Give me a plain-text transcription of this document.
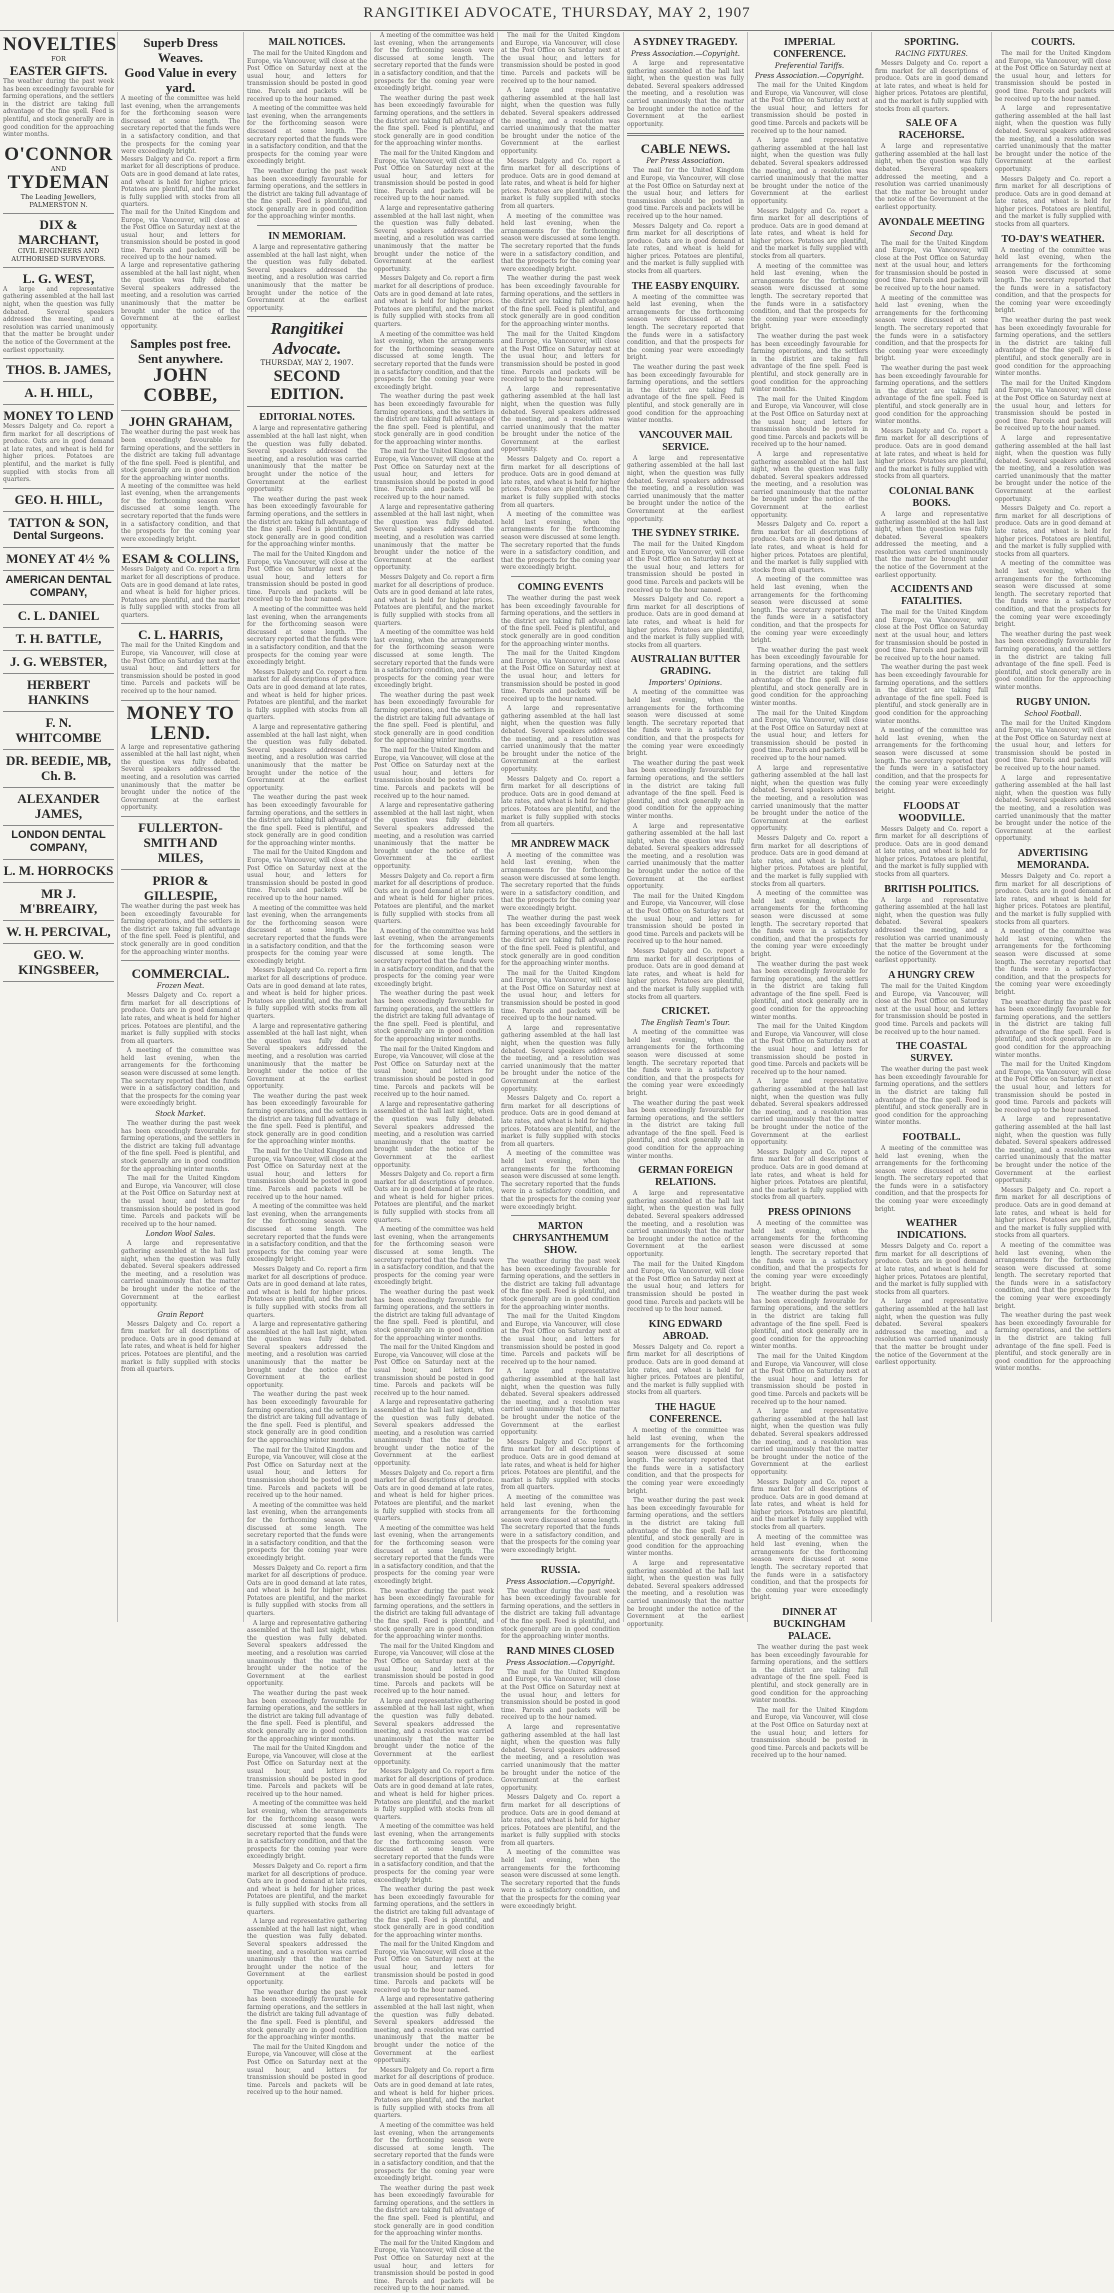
RANGITIKEI ADVOCATE, THURSDAY, MAY 2, 1907
NOVELTIES
FOR
EASTER GIFTS.
The weather during the past week has been exceedingly favourable for farming operations, and the settlers in the district are taking full advantage of the fine spell. Feed is plentiful, and stock generally are in good condition for the approaching winter months.
O'CONNOR
AND
TYDEMAN
The Leading Jewellers, PALMERSTON N.
DIX & MARCHANT,
CIVIL ENGINEERS AND AUTHORISED SURVEYORS.
L. G. WEST,
A large and representative gathering assembled at the hall last night, when the question was fully debated. Several speakers addressed the meeting, and a resolution was carried unanimously that the matter be brought under the notice of the Government at the earliest opportunity.
THOS. B. JAMES,
A. H. HILL,
MONEY TO LEND
Messrs Dalgety and Co. report a firm market for all descriptions of produce. Oats are in good demand at late rates, and wheat is held for higher prices. Potatoes are plentiful, and the market is fully supplied with stocks from all quarters.
GEO. H. HILL,
TATTON & SON,
Dental Surgeons.
MONEY AT 4½ %
AMERICAN DENTAL COMPANY,
C. L. DANIEL
T. H. BATTLE,
J. G. WEBSTER,
HERBERT HANKINS
F. N. WHITCOMBE
DR. BEEDIE, MB, Ch. B.
ALEXANDER JAMES,
LONDON DENTAL COMPANY,
L. M. HORROCKS
MR J. M'BREAIRY,
W. H. PERCIVAL,
GEO. W. KINGSBEER,
Superb Dress Weaves.
Good Value in every yard.
A meeting of the committee was held last evening, when the arrangements for the forthcoming season were discussed at some length. The secretary reported that the funds were in a satisfactory condition, and that the prospects for the coming year were exceedingly bright.
Messrs Dalgety and Co. report a firm market for all descriptions of produce. Oats are in good demand at late rates, and wheat is held for higher prices. Potatoes are plentiful, and the market is fully supplied with stocks from all quarters.
The mail for the United Kingdom and Europe, via Vancouver, will close at the Post Office on Saturday next at the usual hour, and letters for transmission should be posted in good time. Parcels and packets will be received up to the hour named.
A large and representative gathering assembled at the hall last night, when the question was fully debated. Several speakers addressed the meeting, and a resolution was carried unanimously that the matter be brought under the notice of the Government at the earliest opportunity.
Samples post free. Sent anywhere.
JOHN COBBE,
JOHN GRAHAM,
The weather during the past week has been exceedingly favourable for farming operations, and the settlers in the district are taking full advantage of the fine spell. Feed is plentiful, and stock generally are in good condition for the approaching winter months.
A meeting of the committee was held last evening, when the arrangements for the forthcoming season were discussed at some length. The secretary reported that the funds were in a satisfactory condition, and that the prospects for the coming year were exceedingly bright.
ESAM & COLLINS,
Messrs Dalgety and Co. report a firm market for all descriptions of produce. Oats are in good demand at late rates, and wheat is held for higher prices. Potatoes are plentiful, and the market is fully supplied with stocks from all quarters.
C. L. HARRIS,
The mail for the United Kingdom and Europe, via Vancouver, will close at the Post Office on Saturday next at the usual hour, and letters for transmission should be posted in good time. Parcels and packets will be received up to the hour named.
MONEY TO LEND.
A large and representative gathering assembled at the hall last night, when the question was fully debated. Several speakers addressed the meeting, and a resolution was carried unanimously that the matter be brought under the notice of the Government at the earliest opportunity.
FULLERTON-SMITH AND MILES,
PRIOR & GILLESPIE,
The weather during the past week has been exceedingly favourable for farming operations, and the settlers in the district are taking full advantage of the fine spell. Feed is plentiful, and stock generally are in good condition for the approaching winter months.
COMMERCIAL.
Frozen Meat.

Messrs Dalgety and Co. report a firm market for all descriptions of produce. Oats are in good demand at late rates, and wheat is held for higher prices. Potatoes are plentiful, and the market is fully supplied with stocks from all quarters.

A meeting of the committee was held last evening, when the arrangements for the forthcoming season were discussed at some length. The secretary reported that the funds were in a satisfactory condition, and that the prospects for the coming year were exceedingly bright.

Stock Market.

The weather during the past week has been exceedingly favourable for farming operations, and the settlers in the district are taking full advantage of the fine spell. Feed is plentiful, and stock generally are in good condition for the approaching winter months.

The mail for the United Kingdom and Europe, via Vancouver, will close at the Post Office on Saturday next at the usual hour, and letters for transmission should be posted in good time. Parcels and packets will be received up to the hour named.

London Wool Sales.

A large and representative gathering assembled at the hall last night, when the question was fully debated. Several speakers addressed the meeting, and a resolution was carried unanimously that the matter be brought under the notice of the Government at the earliest opportunity.

Grain Report

Messrs Dalgety and Co. report a firm market for all descriptions of produce. Oats are in good demand at late rates, and wheat is held for higher prices. Potatoes are plentiful, and the market is fully supplied with stocks from all quarters.

MAIL NOTICES.

The mail for the United Kingdom and Europe, via Vancouver, will close at the Post Office on Saturday next at the usual hour, and letters for transmission should be posted in good time. Parcels and packets will be received up to the hour named.

A meeting of the committee was held last evening, when the arrangements for the forthcoming season were discussed at some length. The secretary reported that the funds were in a satisfactory condition, and that the prospects for the coming year were exceedingly bright.

The weather during the past week has been exceedingly favourable for farming operations, and the settlers in the district are taking full advantage of the fine spell. Feed is plentiful, and stock generally are in good condition for the approaching winter months.

IN MEMORIAM.

A large and representative gathering assembled at the hall last night, when the question was fully debated. Several speakers addressed the meeting, and a resolution was carried unanimously that the matter be brought under the notice of the Government at the earliest opportunity.

Rangitikei Advocate.
THURSDAY, MAY 2, 1907.
SECOND EDITION.
EDITORIAL NOTES.

A large and representative gathering assembled at the hall last night, when the question was fully debated. Several speakers addressed the meeting, and a resolution was carried unanimously that the matter be brought under the notice of the Government at the earliest opportunity.

The weather during the past week has been exceedingly favourable for farming operations, and the settlers in the district are taking full advantage of the fine spell. Feed is plentiful, and stock generally are in good condition for the approaching winter months.

The mail for the United Kingdom and Europe, via Vancouver, will close at the Post Office on Saturday next at the usual hour, and letters for transmission should be posted in good time. Parcels and packets will be received up to the hour named.

A meeting of the committee was held last evening, when the arrangements for the forthcoming season were discussed at some length. The secretary reported that the funds were in a satisfactory condition, and that the prospects for the coming year were exceedingly bright.

Messrs Dalgety and Co. report a firm market for all descriptions of produce. Oats are in good demand at late rates, and wheat is held for higher prices. Potatoes are plentiful, and the market is fully supplied with stocks from all quarters.

A large and representative gathering assembled at the hall last night, when the question was fully debated. Several speakers addressed the meeting, and a resolution was carried unanimously that the matter be brought under the notice of the Government at the earliest opportunity.

The weather during the past week has been exceedingly favourable for farming operations, and the settlers in the district are taking full advantage of the fine spell. Feed is plentiful, and stock generally are in good condition for the approaching winter months.

The mail for the United Kingdom and Europe, via Vancouver, will close at the Post Office on Saturday next at the usual hour, and letters for transmission should be posted in good time. Parcels and packets will be received up to the hour named.

A meeting of the committee was held last evening, when the arrangements for the forthcoming season were discussed at some length. The secretary reported that the funds were in a satisfactory condition, and that the prospects for the coming year were exceedingly bright.

Messrs Dalgety and Co. report a firm market for all descriptions of produce. Oats are in good demand at late rates, and wheat is held for higher prices. Potatoes are plentiful, and the market is fully supplied with stocks from all quarters.

A large and representative gathering assembled at the hall last night, when the question was fully debated. Several speakers addressed the meeting, and a resolution was carried unanimously that the matter be brought under the notice of the Government at the earliest opportunity.

The weather during the past week has been exceedingly favourable for farming operations, and the settlers in the district are taking full advantage of the fine spell. Feed is plentiful, and stock generally are in good condition for the approaching winter months.

The mail for the United Kingdom and Europe, via Vancouver, will close at the Post Office on Saturday next at the usual hour, and letters for transmission should be posted in good time. Parcels and packets will be received up to the hour named.

A meeting of the committee was held last evening, when the arrangements for the forthcoming season were discussed at some length. The secretary reported that the funds were in a satisfactory condition, and that the prospects for the coming year were exceedingly bright.

Messrs Dalgety and Co. report a firm market for all descriptions of produce. Oats are in good demand at late rates, and wheat is held for higher prices. Potatoes are plentiful, and the market is fully supplied with stocks from all quarters.

A large and representative gathering assembled at the hall last night, when the question was fully debated. Several speakers addressed the meeting, and a resolution was carried unanimously that the matter be brought under the notice of the Government at the earliest opportunity.

The weather during the past week has been exceedingly favourable for farming operations, and the settlers in the district are taking full advantage of the fine spell. Feed is plentiful, and stock generally are in good condition for the approaching winter months.

The mail for the United Kingdom and Europe, via Vancouver, will close at the Post Office on Saturday next at the usual hour, and letters for transmission should be posted in good time. Parcels and packets will be received up to the hour named.

A meeting of the committee was held last evening, when the arrangements for the forthcoming season were discussed at some length. The secretary reported that the funds were in a satisfactory condition, and that the prospects for the coming year were exceedingly bright.

Messrs Dalgety and Co. report a firm market for all descriptions of produce. Oats are in good demand at late rates, and wheat is held for higher prices. Potatoes are plentiful, and the market is fully supplied with stocks from all quarters.

A large and representative gathering assembled at the hall last night, when the question was fully debated. Several speakers addressed the meeting, and a resolution was carried unanimously that the matter be brought under the notice of the Government at the earliest opportunity.

The weather during the past week has been exceedingly favourable for farming operations, and the settlers in the district are taking full advantage of the fine spell. Feed is plentiful, and stock generally are in good condition for the approaching winter months.

The mail for the United Kingdom and Europe, via Vancouver, will close at the Post Office on Saturday next at the usual hour, and letters for transmission should be posted in good time. Parcels and packets will be received up to the hour named.

A meeting of the committee was held last evening, when the arrangements for the forthcoming season were discussed at some length. The secretary reported that the funds were in a satisfactory condition, and that the prospects for the coming year were exceedingly bright.

Messrs Dalgety and Co. report a firm market for all descriptions of produce. Oats are in good demand at late rates, and wheat is held for higher prices. Potatoes are plentiful, and the market is fully supplied with stocks from all quarters.

A large and representative gathering assembled at the hall last night, when the question was fully debated. Several speakers addressed the meeting, and a resolution was carried unanimously that the matter be brought under the notice of the Government at the earliest opportunity.

The weather during the past week has been exceedingly favourable for farming operations, and the settlers in the district are taking full advantage of the fine spell. Feed is plentiful, and stock generally are in good condition for the approaching winter months.

The mail for the United Kingdom and Europe, via Vancouver, will close at the Post Office on Saturday next at the usual hour, and letters for transmission should be posted in good time. Parcels and packets will be received up to the hour named.

A meeting of the committee was held last evening, when the arrangements for the forthcoming season were discussed at some length. The secretary reported that the funds were in a satisfactory condition, and that the prospects for the coming year were exceedingly bright.

The weather during the past week has been exceedingly favourable for farming operations, and the settlers in the district are taking full advantage of the fine spell. Feed is plentiful, and stock generally are in good condition for the approaching winter months.

The mail for the United Kingdom and Europe, via Vancouver, will close at the Post Office on Saturday next at the usual hour, and letters for transmission should be posted in good time. Parcels and packets will be received up to the hour named.

A large and representative gathering assembled at the hall last night, when the question was fully debated. Several speakers addressed the meeting, and a resolution was carried unanimously that the matter be brought under the notice of the Government at the earliest opportunity.

Messrs Dalgety and Co. report a firm market for all descriptions of produce. Oats are in good demand at late rates, and wheat is held for higher prices. Potatoes are plentiful, and the market is fully supplied with stocks from all quarters.

A meeting of the committee was held last evening, when the arrangements for the forthcoming season were discussed at some length. The secretary reported that the funds were in a satisfactory condition, and that the prospects for the coming year were exceedingly bright.

The weather during the past week has been exceedingly favourable for farming operations, and the settlers in the district are taking full advantage of the fine spell. Feed is plentiful, and stock generally are in good condition for the approaching winter months.

The mail for the United Kingdom and Europe, via Vancouver, will close at the Post Office on Saturday next at the usual hour, and letters for transmission should be posted in good time. Parcels and packets will be received up to the hour named.

A large and representative gathering assembled at the hall last night, when the question was fully debated. Several speakers addressed the meeting, and a resolution was carried unanimously that the matter be brought under the notice of the Government at the earliest opportunity.

Messrs Dalgety and Co. report a firm market for all descriptions of produce. Oats are in good demand at late rates, and wheat is held for higher prices. Potatoes are plentiful, and the market is fully supplied with stocks from all quarters.

A meeting of the committee was held last evening, when the arrangements for the forthcoming season were discussed at some length. The secretary reported that the funds were in a satisfactory condition, and that the prospects for the coming year were exceedingly bright.

The weather during the past week has been exceedingly favourable for farming operations, and the settlers in the district are taking full advantage of the fine spell. Feed is plentiful, and stock generally are in good condition for the approaching winter months.

The mail for the United Kingdom and Europe, via Vancouver, will close at the Post Office on Saturday next at the usual hour, and letters for transmission should be posted in good time. Parcels and packets will be received up to the hour named.

A large and representative gathering assembled at the hall last night, when the question was fully debated. Several speakers addressed the meeting, and a resolution was carried unanimously that the matter be brought under the notice of the Government at the earliest opportunity.

Messrs Dalgety and Co. report a firm market for all descriptions of produce. Oats are in good demand at late rates, and wheat is held for higher prices. Potatoes are plentiful, and the market is fully supplied with stocks from all quarters.

A meeting of the committee was held last evening, when the arrangements for the forthcoming season were discussed at some length. The secretary reported that the funds were in a satisfactory condition, and that the prospects for the coming year were exceedingly bright.

The weather during the past week has been exceedingly favourable for farming operations, and the settlers in the district are taking full advantage of the fine spell. Feed is plentiful, and stock generally are in good condition for the approaching winter months.

The mail for the United Kingdom and Europe, via Vancouver, will close at the Post Office on Saturday next at the usual hour, and letters for transmission should be posted in good time. Parcels and packets will be received up to the hour named.

A large and representative gathering assembled at the hall last night, when the question was fully debated. Several speakers addressed the meeting, and a resolution was carried unanimously that the matter be brought under the notice of the Government at the earliest opportunity.

Messrs Dalgety and Co. report a firm market for all descriptions of produce. Oats are in good demand at late rates, and wheat is held for higher prices. Potatoes are plentiful, and the market is fully supplied with stocks from all quarters.

A meeting of the committee was held last evening, when the arrangements for the forthcoming season were discussed at some length. The secretary reported that the funds were in a satisfactory condition, and that the prospects for the coming year were exceedingly bright.

The weather during the past week has been exceedingly favourable for farming operations, and the settlers in the district are taking full advantage of the fine spell. Feed is plentiful, and stock generally are in good condition for the approaching winter months.

The mail for the United Kingdom and Europe, via Vancouver, will close at the Post Office on Saturday next at the usual hour, and letters for transmission should be posted in good time. Parcels and packets will be received up to the hour named.

A large and representative gathering assembled at the hall last night, when the question was fully debated. Several speakers addressed the meeting, and a resolution was carried unanimously that the matter be brought under the notice of the Government at the earliest opportunity.

Messrs Dalgety and Co. report a firm market for all descriptions of produce. Oats are in good demand at late rates, and wheat is held for higher prices. Potatoes are plentiful, and the market is fully supplied with stocks from all quarters.

A meeting of the committee was held last evening, when the arrangements for the forthcoming season were discussed at some length. The secretary reported that the funds were in a satisfactory condition, and that the prospects for the coming year were exceedingly bright.

The weather during the past week has been exceedingly favourable for farming operations, and the settlers in the district are taking full advantage of the fine spell. Feed is plentiful, and stock generally are in good condition for the approaching winter months.

The mail for the United Kingdom and Europe, via Vancouver, will close at the Post Office on Saturday next at the usual hour, and letters for transmission should be posted in good time. Parcels and packets will be received up to the hour named.

A large and representative gathering assembled at the hall last night, when the question was fully debated. Several speakers addressed the meeting, and a resolution was carried unanimously that the matter be brought under the notice of the Government at the earliest opportunity.

Messrs Dalgety and Co. report a firm market for all descriptions of produce. Oats are in good demand at late rates, and wheat is held for higher prices. Potatoes are plentiful, and the market is fully supplied with stocks from all quarters.

A meeting of the committee was held last evening, when the arrangements for the forthcoming season were discussed at some length. The secretary reported that the funds were in a satisfactory condition, and that the prospects for the coming year were exceedingly bright.

The weather during the past week has been exceedingly favourable for farming operations, and the settlers in the district are taking full advantage of the fine spell. Feed is plentiful, and stock generally are in good condition for the approaching winter months.

The mail for the United Kingdom and Europe, via Vancouver, will close at the Post Office on Saturday next at the usual hour, and letters for transmission should be posted in good time. Parcels and packets will be received up to the hour named.

A large and representative gathering assembled at the hall last night, when the question was fully debated. Several speakers addressed the meeting, and a resolution was carried unanimously that the matter be brought under the notice of the Government at the earliest opportunity.

Messrs Dalgety and Co. report a firm market for all descriptions of produce. Oats are in good demand at late rates, and wheat is held for higher prices. Potatoes are plentiful, and the market is fully supplied with stocks from all quarters.

A meeting of the committee was held last evening, when the arrangements for the forthcoming season were discussed at some length. The secretary reported that the funds were in a satisfactory condition, and that the prospects for the coming year were exceedingly bright.

The weather during the past week has been exceedingly favourable for farming operations, and the settlers in the district are taking full advantage of the fine spell. Feed is plentiful, and stock generally are in good condition for the approaching winter months.

The mail for the United Kingdom and Europe, via Vancouver, will close at the Post Office on Saturday next at the usual hour, and letters for transmission should be posted in good time. Parcels and packets will be received up to the hour named.

The mail for the United Kingdom and Europe, via Vancouver, will close at the Post Office on Saturday next at the usual hour, and letters for transmission should be posted in good time. Parcels and packets will be received up to the hour named.

A large and representative gathering assembled at the hall last night, when the question was fully debated. Several speakers addressed the meeting, and a resolution was carried unanimously that the matter be brought under the notice of the Government at the earliest opportunity.

Messrs Dalgety and Co. report a firm market for all descriptions of produce. Oats are in good demand at late rates, and wheat is held for higher prices. Potatoes are plentiful, and the market is fully supplied with stocks from all quarters.

A meeting of the committee was held last evening, when the arrangements for the forthcoming season were discussed at some length. The secretary reported that the funds were in a satisfactory condition, and that the prospects for the coming year were exceedingly bright.

The weather during the past week has been exceedingly favourable for farming operations, and the settlers in the district are taking full advantage of the fine spell. Feed is plentiful, and stock generally are in good condition for the approaching winter months.

The mail for the United Kingdom and Europe, via Vancouver, will close at the Post Office on Saturday next at the usual hour, and letters for transmission should be posted in good time. Parcels and packets will be received up to the hour named.

A large and representative gathering assembled at the hall last night, when the question was fully debated. Several speakers addressed the meeting, and a resolution was carried unanimously that the matter be brought under the notice of the Government at the earliest opportunity.

Messrs Dalgety and Co. report a firm market for all descriptions of produce. Oats are in good demand at late rates, and wheat is held for higher prices. Potatoes are plentiful, and the market is fully supplied with stocks from all quarters.

A meeting of the committee was held last evening, when the arrangements for the forthcoming season were discussed at some length. The secretary reported that the funds were in a satisfactory condition, and that the prospects for the coming year were exceedingly bright.

COMING EVENTS

The weather during the past week has been exceedingly favourable for farming operations, and the settlers in the district are taking full advantage of the fine spell. Feed is plentiful, and stock generally are in good condition for the approaching winter months.

The mail for the United Kingdom and Europe, via Vancouver, will close at the Post Office on Saturday next at the usual hour, and letters for transmission should be posted in good time. Parcels and packets will be received up to the hour named.

A large and representative gathering assembled at the hall last night, when the question was fully debated. Several speakers addressed the meeting, and a resolution was carried unanimously that the matter be brought under the notice of the Government at the earliest opportunity.

Messrs Dalgety and Co. report a firm market for all descriptions of produce. Oats are in good demand at late rates, and wheat is held for higher prices. Potatoes are plentiful, and the market is fully supplied with stocks from all quarters.

MR ANDREW MACK

A meeting of the committee was held last evening, when the arrangements for the forthcoming season were discussed at some length. The secretary reported that the funds were in a satisfactory condition, and that the prospects for the coming year were exceedingly bright.

The weather during the past week has been exceedingly favourable for farming operations, and the settlers in the district are taking full advantage of the fine spell. Feed is plentiful, and stock generally are in good condition for the approaching winter months.

The mail for the United Kingdom and Europe, via Vancouver, will close at the Post Office on Saturday next at the usual hour, and letters for transmission should be posted in good time. Parcels and packets will be received up to the hour named.

A large and representative gathering assembled at the hall last night, when the question was fully debated. Several speakers addressed the meeting, and a resolution was carried unanimously that the matter be brought under the notice of the Government at the earliest opportunity.

Messrs Dalgety and Co. report a firm market for all descriptions of produce. Oats are in good demand at late rates, and wheat is held for higher prices. Potatoes are plentiful, and the market is fully supplied with stocks from all quarters.

A meeting of the committee was held last evening, when the arrangements for the forthcoming season were discussed at some length. The secretary reported that the funds were in a satisfactory condition, and that the prospects for the coming year were exceedingly bright.

MARTON CHRYSANTHEMUM SHOW.

The weather during the past week has been exceedingly favourable for farming operations, and the settlers in the district are taking full advantage of the fine spell. Feed is plentiful, and stock generally are in good condition for the approaching winter months.

The mail for the United Kingdom and Europe, via Vancouver, will close at the Post Office on Saturday next at the usual hour, and letters for transmission should be posted in good time. Parcels and packets will be received up to the hour named.

A large and representative gathering assembled at the hall last night, when the question was fully debated. Several speakers addressed the meeting, and a resolution was carried unanimously that the matter be brought under the notice of the Government at the earliest opportunity.

Messrs Dalgety and Co. report a firm market for all descriptions of produce. Oats are in good demand at late rates, and wheat is held for higher prices. Potatoes are plentiful, and the market is fully supplied with stocks from all quarters.

A meeting of the committee was held last evening, when the arrangements for the forthcoming season were discussed at some length. The secretary reported that the funds were in a satisfactory condition, and that the prospects for the coming year were exceedingly bright.

RUSSIA.
Press Association.—Copyright.

The weather during the past week has been exceedingly favourable for farming operations, and the settlers in the district are taking full advantage of the fine spell. Feed is plentiful, and stock generally are in good condition for the approaching winter months.

RAND MINES CLOSED
Press Association.—Copyright.

The mail for the United Kingdom and Europe, via Vancouver, will close at the Post Office on Saturday next at the usual hour, and letters for transmission should be posted in good time. Parcels and packets will be received up to the hour named.

A large and representative gathering assembled at the hall last night, when the question was fully debated. Several speakers addressed the meeting, and a resolution was carried unanimously that the matter be brought under the notice of the Government at the earliest opportunity.

Messrs Dalgety and Co. report a firm market for all descriptions of produce. Oats are in good demand at late rates, and wheat is held for higher prices. Potatoes are plentiful, and the market is fully supplied with stocks from all quarters.

A meeting of the committee was held last evening, when the arrangements for the forthcoming season were discussed at some length. The secretary reported that the funds were in a satisfactory condition, and that the prospects for the coming year were exceedingly bright.

A SYDNEY TRAGEDY.
Press Association.—Copyright.

A large and representative gathering assembled at the hall last night, when the question was fully debated. Several speakers addressed the meeting, and a resolution was carried unanimously that the matter be brought under the notice of the Government at the earliest opportunity.

CABLE NEWS.
Per Press Association.

The mail for the United Kingdom and Europe, via Vancouver, will close at the Post Office on Saturday next at the usual hour, and letters for transmission should be posted in good time. Parcels and packets will be received up to the hour named.

Messrs Dalgety and Co. report a firm market for all descriptions of produce. Oats are in good demand at late rates, and wheat is held for higher prices. Potatoes are plentiful, and the market is fully supplied with stocks from all quarters.

THE EASBY ENQUIRY.

A meeting of the committee was held last evening, when the arrangements for the forthcoming season were discussed at some length. The secretary reported that the funds were in a satisfactory condition, and that the prospects for the coming year were exceedingly bright.

The weather during the past week has been exceedingly favourable for farming operations, and the settlers in the district are taking full advantage of the fine spell. Feed is plentiful, and stock generally are in good condition for the approaching winter months.

VANCOUVER MAIL SERVICE.

A large and representative gathering assembled at the hall last night, when the question was fully debated. Several speakers addressed the meeting, and a resolution was carried unanimously that the matter be brought under the notice of the Government at the earliest opportunity.

THE SYDNEY STRIKE.

The mail for the United Kingdom and Europe, via Vancouver, will close at the Post Office on Saturday next at the usual hour, and letters for transmission should be posted in good time. Parcels and packets will be received up to the hour named.

Messrs Dalgety and Co. report a firm market for all descriptions of produce. Oats are in good demand at late rates, and wheat is held for higher prices. Potatoes are plentiful, and the market is fully supplied with stocks from all quarters.

AUSTRALIAN BUTTER GRADING.
Importers' Opinions.

A meeting of the committee was held last evening, when the arrangements for the forthcoming season were discussed at some length. The secretary reported that the funds were in a satisfactory condition, and that the prospects for the coming year were exceedingly bright.

The weather during the past week has been exceedingly favourable for farming operations, and the settlers in the district are taking full advantage of the fine spell. Feed is plentiful, and stock generally are in good condition for the approaching winter months.

A large and representative gathering assembled at the hall last night, when the question was fully debated. Several speakers addressed the meeting, and a resolution was carried unanimously that the matter be brought under the notice of the Government at the earliest opportunity.

The mail for the United Kingdom and Europe, via Vancouver, will close at the Post Office on Saturday next at the usual hour, and letters for transmission should be posted in good time. Parcels and packets will be received up to the hour named.

Messrs Dalgety and Co. report a firm market for all descriptions of produce. Oats are in good demand at late rates, and wheat is held for higher prices. Potatoes are plentiful, and the market is fully supplied with stocks from all quarters.

CRICKET.
The English Team's Tour.

A meeting of the committee was held last evening, when the arrangements for the forthcoming season were discussed at some length. The secretary reported that the funds were in a satisfactory condition, and that the prospects for the coming year were exceedingly bright.

The weather during the past week has been exceedingly favourable for farming operations, and the settlers in the district are taking full advantage of the fine spell. Feed is plentiful, and stock generally are in good condition for the approaching winter months.

GERMAN FOREIGN RELATIONS.

A large and representative gathering assembled at the hall last night, when the question was fully debated. Several speakers addressed the meeting, and a resolution was carried unanimously that the matter be brought under the notice of the Government at the earliest opportunity.

The mail for the United Kingdom and Europe, via Vancouver, will close at the Post Office on Saturday next at the usual hour, and letters for transmission should be posted in good time. Parcels and packets will be received up to the hour named.

KING EDWARD ABROAD.

Messrs Dalgety and Co. report a firm market for all descriptions of produce. Oats are in good demand at late rates, and wheat is held for higher prices. Potatoes are plentiful, and the market is fully supplied with stocks from all quarters.

THE HAGUE CONFERENCE.

A meeting of the committee was held last evening, when the arrangements for the forthcoming season were discussed at some length. The secretary reported that the funds were in a satisfactory condition, and that the prospects for the coming year were exceedingly bright.

The weather during the past week has been exceedingly favourable for farming operations, and the settlers in the district are taking full advantage of the fine spell. Feed is plentiful, and stock generally are in good condition for the approaching winter months.

A large and representative gathering assembled at the hall last night, when the question was fully debated. Several speakers addressed the meeting, and a resolution was carried unanimously that the matter be brought under the notice of the Government at the earliest opportunity.

IMPERIAL CONFERENCE.
Preferential Tariffs.
Press Association.—Copyright.

The mail for the United Kingdom and Europe, via Vancouver, will close at the Post Office on Saturday next at the usual hour, and letters for transmission should be posted in good time. Parcels and packets will be received up to the hour named.

A large and representative gathering assembled at the hall last night, when the question was fully debated. Several speakers addressed the meeting, and a resolution was carried unanimously that the matter be brought under the notice of the Government at the earliest opportunity.

Messrs Dalgety and Co. report a firm market for all descriptions of produce. Oats are in good demand at late rates, and wheat is held for higher prices. Potatoes are plentiful, and the market is fully supplied with stocks from all quarters.

A meeting of the committee was held last evening, when the arrangements for the forthcoming season were discussed at some length. The secretary reported that the funds were in a satisfactory condition, and that the prospects for the coming year were exceedingly bright.

The weather during the past week has been exceedingly favourable for farming operations, and the settlers in the district are taking full advantage of the fine spell. Feed is plentiful, and stock generally are in good condition for the approaching winter months.

The mail for the United Kingdom and Europe, via Vancouver, will close at the Post Office on Saturday next at the usual hour, and letters for transmission should be posted in good time. Parcels and packets will be received up to the hour named.

A large and representative gathering assembled at the hall last night, when the question was fully debated. Several speakers addressed the meeting, and a resolution was carried unanimously that the matter be brought under the notice of the Government at the earliest opportunity.

Messrs Dalgety and Co. report a firm market for all descriptions of produce. Oats are in good demand at late rates, and wheat is held for higher prices. Potatoes are plentiful, and the market is fully supplied with stocks from all quarters.

A meeting of the committee was held last evening, when the arrangements for the forthcoming season were discussed at some length. The secretary reported that the funds were in a satisfactory condition, and that the prospects for the coming year were exceedingly bright.

The weather during the past week has been exceedingly favourable for farming operations, and the settlers in the district are taking full advantage of the fine spell. Feed is plentiful, and stock generally are in good condition for the approaching winter months.

The mail for the United Kingdom and Europe, via Vancouver, will close at the Post Office on Saturday next at the usual hour, and letters for transmission should be posted in good time. Parcels and packets will be received up to the hour named.

A large and representative gathering assembled at the hall last night, when the question was fully debated. Several speakers addressed the meeting, and a resolution was carried unanimously that the matter be brought under the notice of the Government at the earliest opportunity.

Messrs Dalgety and Co. report a firm market for all descriptions of produce. Oats are in good demand at late rates, and wheat is held for higher prices. Potatoes are plentiful, and the market is fully supplied with stocks from all quarters.

A meeting of the committee was held last evening, when the arrangements for the forthcoming season were discussed at some length. The secretary reported that the funds were in a satisfactory condition, and that the prospects for the coming year were exceedingly bright.

The weather during the past week has been exceedingly favourable for farming operations, and the settlers in the district are taking full advantage of the fine spell. Feed is plentiful, and stock generally are in good condition for the approaching winter months.

The mail for the United Kingdom and Europe, via Vancouver, will close at the Post Office on Saturday next at the usual hour, and letters for transmission should be posted in good time. Parcels and packets will be received up to the hour named.

A large and representative gathering assembled at the hall last night, when the question was fully debated. Several speakers addressed the meeting, and a resolution was carried unanimously that the matter be brought under the notice of the Government at the earliest opportunity.

Messrs Dalgety and Co. report a firm market for all descriptions of produce. Oats are in good demand at late rates, and wheat is held for higher prices. Potatoes are plentiful, and the market is fully supplied with stocks from all quarters.

PRESS OPINIONS

A meeting of the committee was held last evening, when the arrangements for the forthcoming season were discussed at some length. The secretary reported that the funds were in a satisfactory condition, and that the prospects for the coming year were exceedingly bright.

The weather during the past week has been exceedingly favourable for farming operations, and the settlers in the district are taking full advantage of the fine spell. Feed is plentiful, and stock generally are in good condition for the approaching winter months.

The mail for the United Kingdom and Europe, via Vancouver, will close at the Post Office on Saturday next at the usual hour, and letters for transmission should be posted in good time. Parcels and packets will be received up to the hour named.

A large and representative gathering assembled at the hall last night, when the question was fully debated. Several speakers addressed the meeting, and a resolution was carried unanimously that the matter be brought under the notice of the Government at the earliest opportunity.

Messrs Dalgety and Co. report a firm market for all descriptions of produce. Oats are in good demand at late rates, and wheat is held for higher prices. Potatoes are plentiful, and the market is fully supplied with stocks from all quarters.

A meeting of the committee was held last evening, when the arrangements for the forthcoming season were discussed at some length. The secretary reported that the funds were in a satisfactory condition, and that the prospects for the coming year were exceedingly bright.

DINNER AT BUCKINGHAM PALACE.

The weather during the past week has been exceedingly favourable for farming operations, and the settlers in the district are taking full advantage of the fine spell. Feed is plentiful, and stock generally are in good condition for the approaching winter months.

The mail for the United Kingdom and Europe, via Vancouver, will close at the Post Office on Saturday next at the usual hour, and letters for transmission should be posted in good time. Parcels and packets will be received up to the hour named.

SPORTING.
RACING FIXTURES.

Messrs Dalgety and Co. report a firm market for all descriptions of produce. Oats are in good demand at late rates, and wheat is held for higher prices. Potatoes are plentiful, and the market is fully supplied with stocks from all quarters.

SALE OF A RACEHORSE.

A large and representative gathering assembled at the hall last night, when the question was fully debated. Several speakers addressed the meeting, and a resolution was carried unanimously that the matter be brought under the notice of the Government at the earliest opportunity.

AVONDALE MEETING
Second Day.

The mail for the United Kingdom and Europe, via Vancouver, will close at the Post Office on Saturday next at the usual hour, and letters for transmission should be posted in good time. Parcels and packets will be received up to the hour named.

A meeting of the committee was held last evening, when the arrangements for the forthcoming season were discussed at some length. The secretary reported that the funds were in a satisfactory condition, and that the prospects for the coming year were exceedingly bright.

The weather during the past week has been exceedingly favourable for farming operations, and the settlers in the district are taking full advantage of the fine spell. Feed is plentiful, and stock generally are in good condition for the approaching winter months.

Messrs Dalgety and Co. report a firm market for all descriptions of produce. Oats are in good demand at late rates, and wheat is held for higher prices. Potatoes are plentiful, and the market is fully supplied with stocks from all quarters.

COLONIAL BANK BOOKS.

A large and representative gathering assembled at the hall last night, when the question was fully debated. Several speakers addressed the meeting, and a resolution was carried unanimously that the matter be brought under the notice of the Government at the earliest opportunity.

ACCIDENTS AND FATALITIES.

The mail for the United Kingdom and Europe, via Vancouver, will close at the Post Office on Saturday next at the usual hour, and letters for transmission should be posted in good time. Parcels and packets will be received up to the hour named.

The weather during the past week has been exceedingly favourable for farming operations, and the settlers in the district are taking full advantage of the fine spell. Feed is plentiful, and stock generally are in good condition for the approaching winter months.

A meeting of the committee was held last evening, when the arrangements for the forthcoming season were discussed at some length. The secretary reported that the funds were in a satisfactory condition, and that the prospects for the coming year were exceedingly bright.

FLOODS AT WOODVILLE.

Messrs Dalgety and Co. report a firm market for all descriptions of produce. Oats are in good demand at late rates, and wheat is held for higher prices. Potatoes are plentiful, and the market is fully supplied with stocks from all quarters.

BRITISH POLITICS.

A large and representative gathering assembled at the hall last night, when the question was fully debated. Several speakers addressed the meeting, and a resolution was carried unanimously that the matter be brought under the notice of the Government at the earliest opportunity.

A HUNGRY CREW

The mail for the United Kingdom and Europe, via Vancouver, will close at the Post Office on Saturday next at the usual hour, and letters for transmission should be posted in good time. Parcels and packets will be received up to the hour named.

THE COASTAL SURVEY.

The weather during the past week has been exceedingly favourable for farming operations, and the settlers in the district are taking full advantage of the fine spell. Feed is plentiful, and stock generally are in good condition for the approaching winter months.

FOOTBALL.

A meeting of the committee was held last evening, when the arrangements for the forthcoming season were discussed at some length. The secretary reported that the funds were in a satisfactory condition, and that the prospects for the coming year were exceedingly bright.

WEATHER INDICATIONS.

Messrs Dalgety and Co. report a firm market for all descriptions of produce. Oats are in good demand at late rates, and wheat is held for higher prices. Potatoes are plentiful, and the market is fully supplied with stocks from all quarters.

A large and representative gathering assembled at the hall last night, when the question was fully debated. Several speakers addressed the meeting, and a resolution was carried unanimously that the matter be brought under the notice of the Government at the earliest opportunity.

COURTS.

The mail for the United Kingdom and Europe, via Vancouver, will close at the Post Office on Saturday next at the usual hour, and letters for transmission should be posted in good time. Parcels and packets will be received up to the hour named.

A large and representative gathering assembled at the hall last night, when the question was fully debated. Several speakers addressed the meeting, and a resolution was carried unanimously that the matter be brought under the notice of the Government at the earliest opportunity.

Messrs Dalgety and Co. report a firm market for all descriptions of produce. Oats are in good demand at late rates, and wheat is held for higher prices. Potatoes are plentiful, and the market is fully supplied with stocks from all quarters.

TO-DAY'S WEATHER.

A meeting of the committee was held last evening, when the arrangements for the forthcoming season were discussed at some length. The secretary reported that the funds were in a satisfactory condition, and that the prospects for the coming year were exceedingly bright.

The weather during the past week has been exceedingly favourable for farming operations, and the settlers in the district are taking full advantage of the fine spell. Feed is plentiful, and stock generally are in good condition for the approaching winter months.

The mail for the United Kingdom and Europe, via Vancouver, will close at the Post Office on Saturday next at the usual hour, and letters for transmission should be posted in good time. Parcels and packets will be received up to the hour named.

A large and representative gathering assembled at the hall last night, when the question was fully debated. Several speakers addressed the meeting, and a resolution was carried unanimously that the matter be brought under the notice of the Government at the earliest opportunity.

Messrs Dalgety and Co. report a firm market for all descriptions of produce. Oats are in good demand at late rates, and wheat is held for higher prices. Potatoes are plentiful, and the market is fully supplied with stocks from all quarters.

A meeting of the committee was held last evening, when the arrangements for the forthcoming season were discussed at some length. The secretary reported that the funds were in a satisfactory condition, and that the prospects for the coming year were exceedingly bright.

The weather during the past week has been exceedingly favourable for farming operations, and the settlers in the district are taking full advantage of the fine spell. Feed is plentiful, and stock generally are in good condition for the approaching winter months.

RUGBY UNION.
School Football.

The mail for the United Kingdom and Europe, via Vancouver, will close at the Post Office on Saturday next at the usual hour, and letters for transmission should be posted in good time. Parcels and packets will be received up to the hour named.

A large and representative gathering assembled at the hall last night, when the question was fully debated. Several speakers addressed the meeting, and a resolution was carried unanimously that the matter be brought under the notice of the Government at the earliest opportunity.

ADVERTISING MEMORANDA.

Messrs Dalgety and Co. report a firm market for all descriptions of produce. Oats are in good demand at late rates, and wheat is held for higher prices. Potatoes are plentiful, and the market is fully supplied with stocks from all quarters.

A meeting of the committee was held last evening, when the arrangements for the forthcoming season were discussed at some length. The secretary reported that the funds were in a satisfactory condition, and that the prospects for the coming year were exceedingly bright.

The weather during the past week has been exceedingly favourable for farming operations, and the settlers in the district are taking full advantage of the fine spell. Feed is plentiful, and stock generally are in good condition for the approaching winter months.

The mail for the United Kingdom and Europe, via Vancouver, will close at the Post Office on Saturday next at the usual hour, and letters for transmission should be posted in good time. Parcels and packets will be received up to the hour named.

A large and representative gathering assembled at the hall last night, when the question was fully debated. Several speakers addressed the meeting, and a resolution was carried unanimously that the matter be brought under the notice of the Government at the earliest opportunity.

Messrs Dalgety and Co. report a firm market for all descriptions of produce. Oats are in good demand at late rates, and wheat is held for higher prices. Potatoes are plentiful, and the market is fully supplied with stocks from all quarters.

A meeting of the committee was held last evening, when the arrangements for the forthcoming season were discussed at some length. The secretary reported that the funds were in a satisfactory condition, and that the prospects for the coming year were exceedingly bright.

The weather during the past week has been exceedingly favourable for farming operations, and the settlers in the district are taking full advantage of the fine spell. Feed is plentiful, and stock generally are in good condition for the approaching winter months.
